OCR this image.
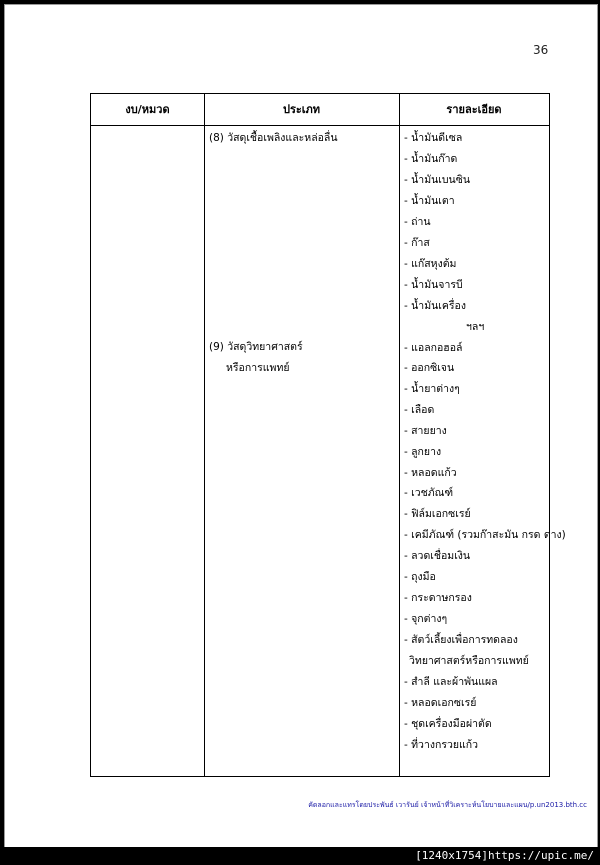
36
งบ/หมวด	ประเภท	รายละเอียด
(8) วัสดุเชื้อเพลิงและหล่อลื่น
(9) วัสดุวิทยาศาสตร์
หรือการแพทย์
- น้ำมันดีเซล
- น้ำมันก๊าด
- น้ำมันเบนซิน
- น้ำมันเตา
- ถ่าน
- ก๊าส
- แก๊สหุงต้ม
- น้ำมันจารบี
- น้ำมันเครื่อง
ฯลฯ
- แอลกอฮอล์
- ออกซิเจน
- น้ำยาต่างๆ
- เลือด
- สายยาง
- ลูกยาง
- หลอดแก้ว
- เวชภัณฑ์
- ฟิล์มเอกซเรย์
- เคมีภัณฑ์ (รวมก๊าสะมัน กรด ด่าง)
- ลวดเชื่อมเงิน
- ถุงมือ
- กระดาษกรอง
- จุกต่างๆ
- สัตว์เลี้ยงเพื่อการทดลอง
วิทยาศาสตร์หรือการแพทย์
- สำลี และผ้าพันแผล
- หลอดเอกซเรย์
- ชุดเครื่องมือผ่าตัด
- ที่วางกรวยแก้ว
คัดลอกและแทรโดยประพันธ์ เวารันย์ เจ้าหน้าที่วิเคราะห์นโยบายและแผน/p.un2013.bth.cc
[1240x1754]https://upic.me/
